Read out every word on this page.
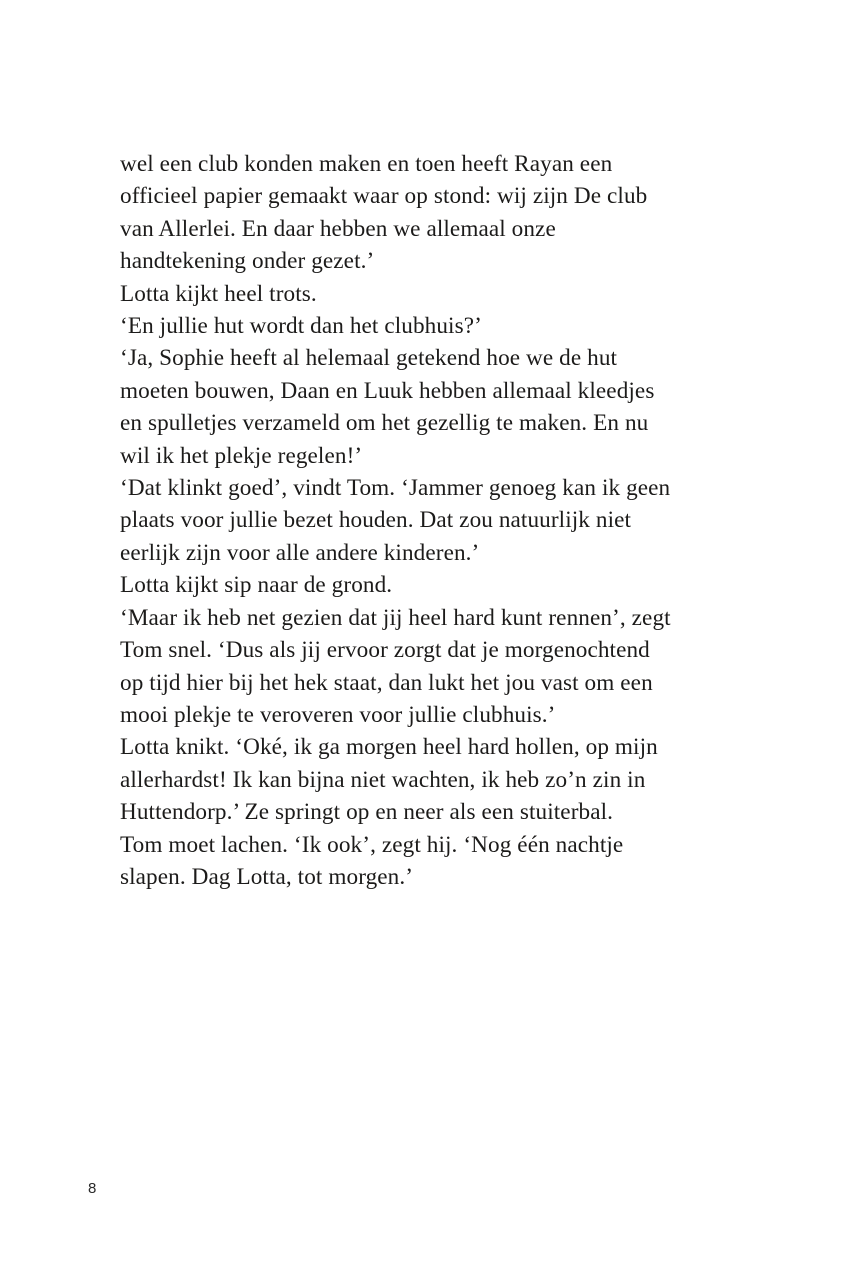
wel een club konden maken en toen heeft Rayan een
officieel papier gemaakt waar op stond: wij zijn De club
van Allerlei. En daar hebben we allemaal onze
handtekening onder gezet.’
Lotta kijkt heel trots.
‘En jullie hut wordt dan het clubhuis?’
‘Ja, Sophie heeft al helemaal getekend hoe we de hut
moeten bouwen, Daan en Luuk hebben allemaal kleedjes
en spulletjes verzameld om het gezellig te maken. En nu
wil ik het plekje regelen!’
‘Dat klinkt goed’, vindt Tom. ‘Jammer genoeg kan ik geen
plaats voor jullie bezet houden. Dat zou natuurlijk niet
eerlijk zijn voor alle andere kinderen.’
Lotta kijkt sip naar de grond.
‘Maar ik heb net gezien dat jij heel hard kunt rennen’, zegt
Tom snel. ‘Dus als jij ervoor zorgt dat je morgenochtend
op tijd hier bij het hek staat, dan lukt het jou vast om een
mooi plekje te veroveren voor jullie clubhuis.’
Lotta knikt. ‘Oké, ik ga morgen heel hard hollen, op mijn
allerhardst! Ik kan bijna niet wachten, ik heb zo’n zin in
Huttendorp.’ Ze springt op en neer als een stuiterbal.
Tom moet lachen. ‘Ik ook’, zegt hij. ‘Nog één nachtje
slapen. Dag Lotta, tot morgen.’
8
